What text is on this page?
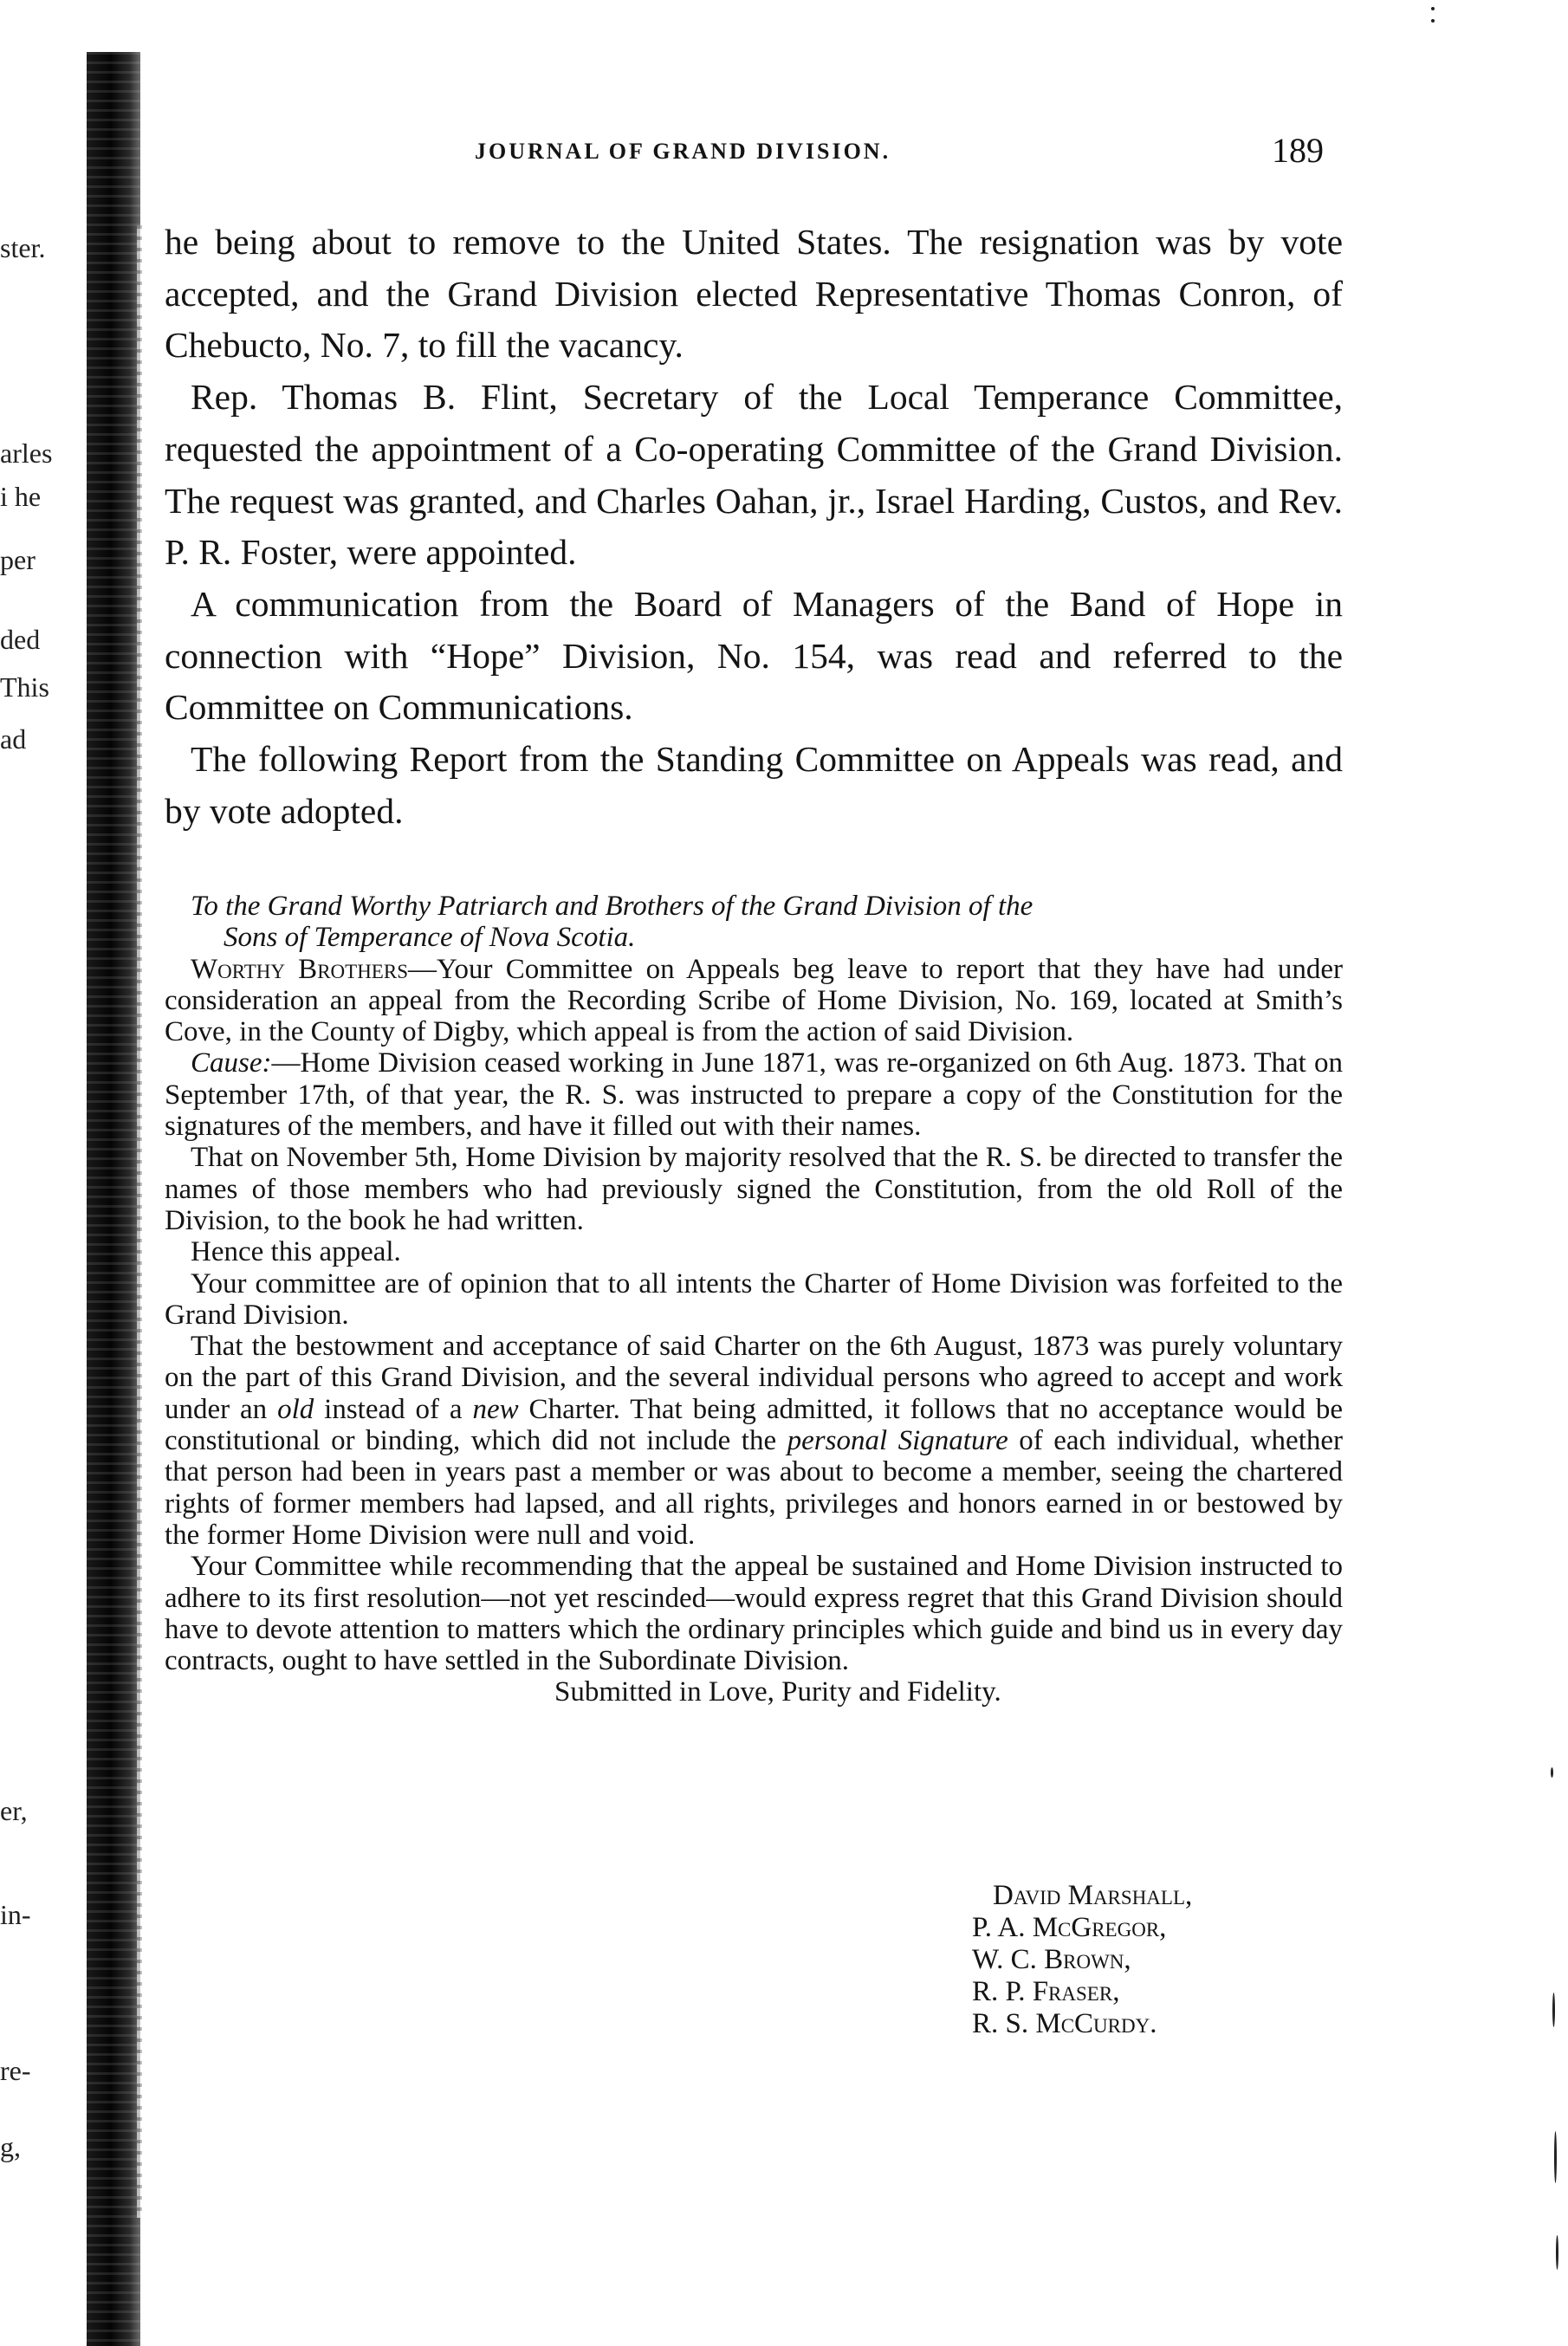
ster.
arles
i he
per
ded
This
ad
er,
in-
re-
g,
JOURNAL OF GRAND DIVISION.	189

he being about to remove to the United States. The resignation was by vote accepted, and the Grand Division elected Representative Thomas Conron, of Chebucto, No. 7, to fill the vacancy.

Rep. Thomas B. Flint, Secretary of the Local Temperance Committee, requested the appointment of a Co-operating Committee of the Grand Division. The request was granted, and Charles Oahan, jr., Israel Harding, Custos, and Rev. P. R. Foster, were appointed.

A communication from the Board of Managers of the Band of Hope in connection with “Hope” Division, No. 154, was read and referred to the Committee on Communications.

The following Report from the Standing Committee on Appeals was read, and by vote adopted.

To the Grand Worthy Patriarch and Brothers of the Grand Division of the

Sons of Temperance of Nova Scotia.

Worthy Brothers—Your Committee on Appeals beg leave to report that they have had under consideration an appeal from the Recording Scribe of Home Division, No. 169, located at Smith’s Cove, in the County of Digby, which appeal is from the action of said Division.

Cause:—Home Division ceased working in June 1871, was re-organized on 6th Aug. 1873. That on September 17th, of that year, the R. S. was instructed to prepare a copy of the Constitution for the signatures of the members, and have it filled out with their names.

That on November 5th, Home Division by majority resolved that the R. S. be directed to transfer the names of those members who had previously signed the Constitution, from the old Roll of the Division, to the book he had written.

Hence this appeal.

Your committee are of opinion that to all intents the Charter of Home Division was forfeited to the Grand Division.

That the bestowment and acceptance of said Charter on the 6th August, 1873 was purely voluntary on the part of this Grand Division, and the several individual persons who agreed to accept and work under an old instead of a new Charter. That being admitted, it follows that no acceptance would be constitutional or binding, which did not include the personal Signature of each individual, whether that person had been in years past a member or was about to become a member, seeing the chartered rights of former members had lapsed, and all rights, privileges and honors earned in or bestowed by the former Home Division were null and void.

Your Committee while recommending that the appeal be sustained and Home Division instructed to adhere to its first resolution—not yet rescinded—would express regret that this Grand Division should have to devote attention to matters which the ordinary principles which guide and bind us in every day contracts, ought to have settled in the Subordinate Division.

Submitted in Love, Purity and Fidelity.

David Marshall,
P. A. McGregor,
W. C. Brown,
R. P. Fraser,
R. S. McCurdy.
